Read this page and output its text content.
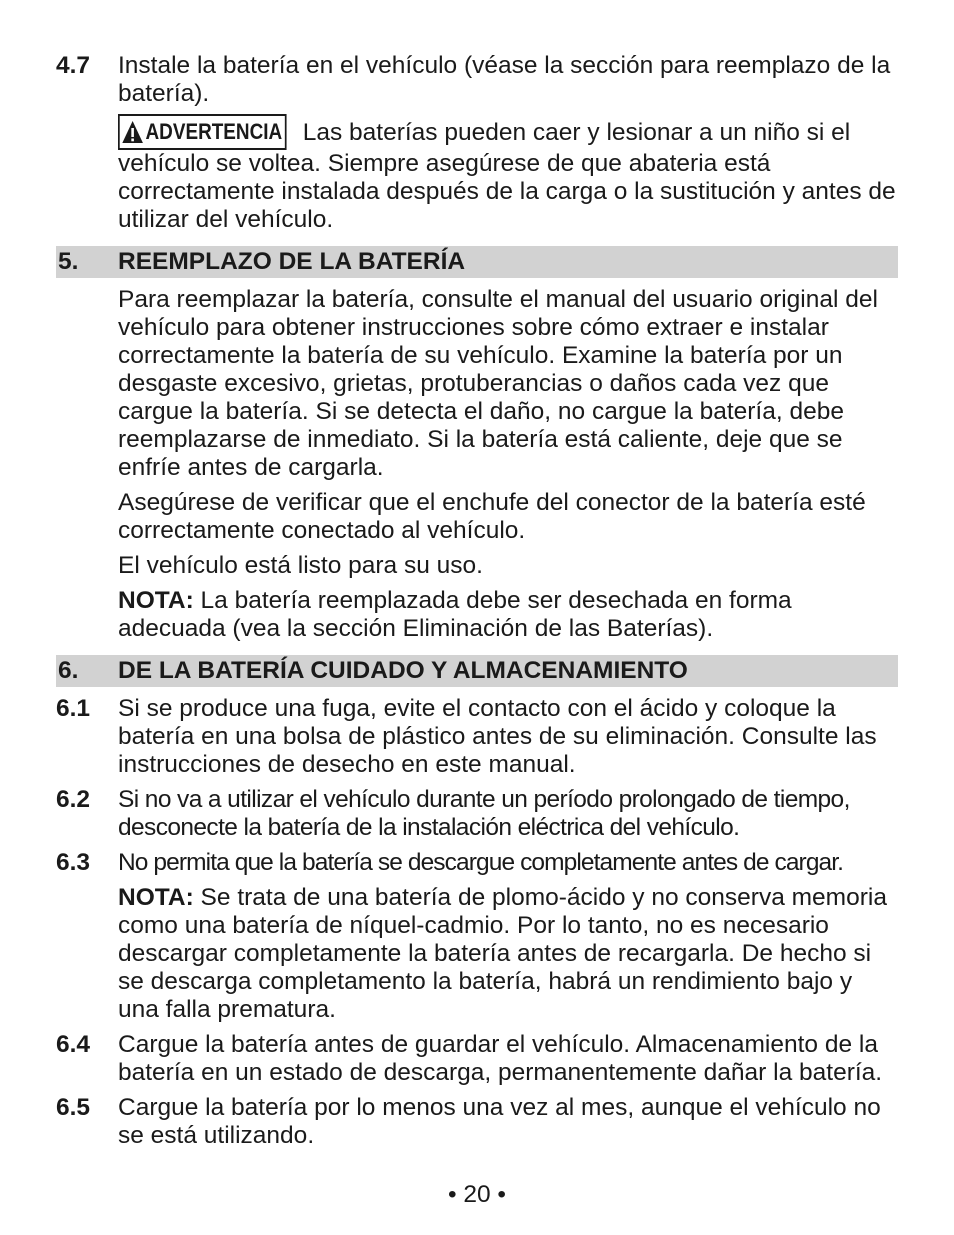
4.7	Instale la batería en el vehículo (véase la sección para reemplazo de la batería).
ADVERTENCIA Las baterías pueden caer y lesionar a un niño si el vehículo se voltea. Siempre asegúrese de que abateria está correctamente instalada después de la carga o la sustitución y antes de utilizar del vehículo.
5.	REEMPLAZO DE LA BATERÍA
Para reemplazar la batería, consulte el manual del usuario original del vehículo para obtener instrucciones sobre cómo extraer e instalar correctamente la batería de su vehículo. Examine la batería por un desgaste excesivo, grietas, protuberancias o daños cada vez que cargue la batería. Si se detecta el daño, no cargue la batería, debe reemplazarse de inmediato. Si la batería está caliente, deje que se enfríe antes de cargarla.
Asegúrese de verificar que el enchufe del conector de la batería esté correctamente conectado al vehículo.
El vehículo está listo para su uso.
NOTA: La batería reemplazada debe ser desechada en forma adecuada (vea la sección Eliminación de las Baterías).
6.	DE LA BATERÍA CUIDADO Y ALMACENAMIENTO
6.1	Si se produce una fuga, evite el contacto con el ácido y coloque la batería en una bolsa de plástico antes de su eliminación. Consulte las instrucciones de desecho en este manual.
6.2	Si no va a utilizar el vehículo durante un período prolongado de tiempo, desconecte la batería de la instalación eléctrica del vehículo.
6.3	No permita que la batería se descargue completamente antes de cargar.
NOTA: Se trata de una batería de plomo-ácido y no conserva memoria como una batería de níquel-cadmio. Por lo tanto, no es necesario descargar completamente la batería antes de recargarla. De hecho si se descarga completamento la batería, habrá un rendimiento bajo y una falla prematura.
6.4	Cargue la batería antes de guardar el vehículo. Almacenamiento de la batería en un estado de descarga, permanentemente dañar la batería.
6.5	Cargue la batería por lo menos una vez al mes, aunque el vehículo no se está utilizando.
• 20 •
